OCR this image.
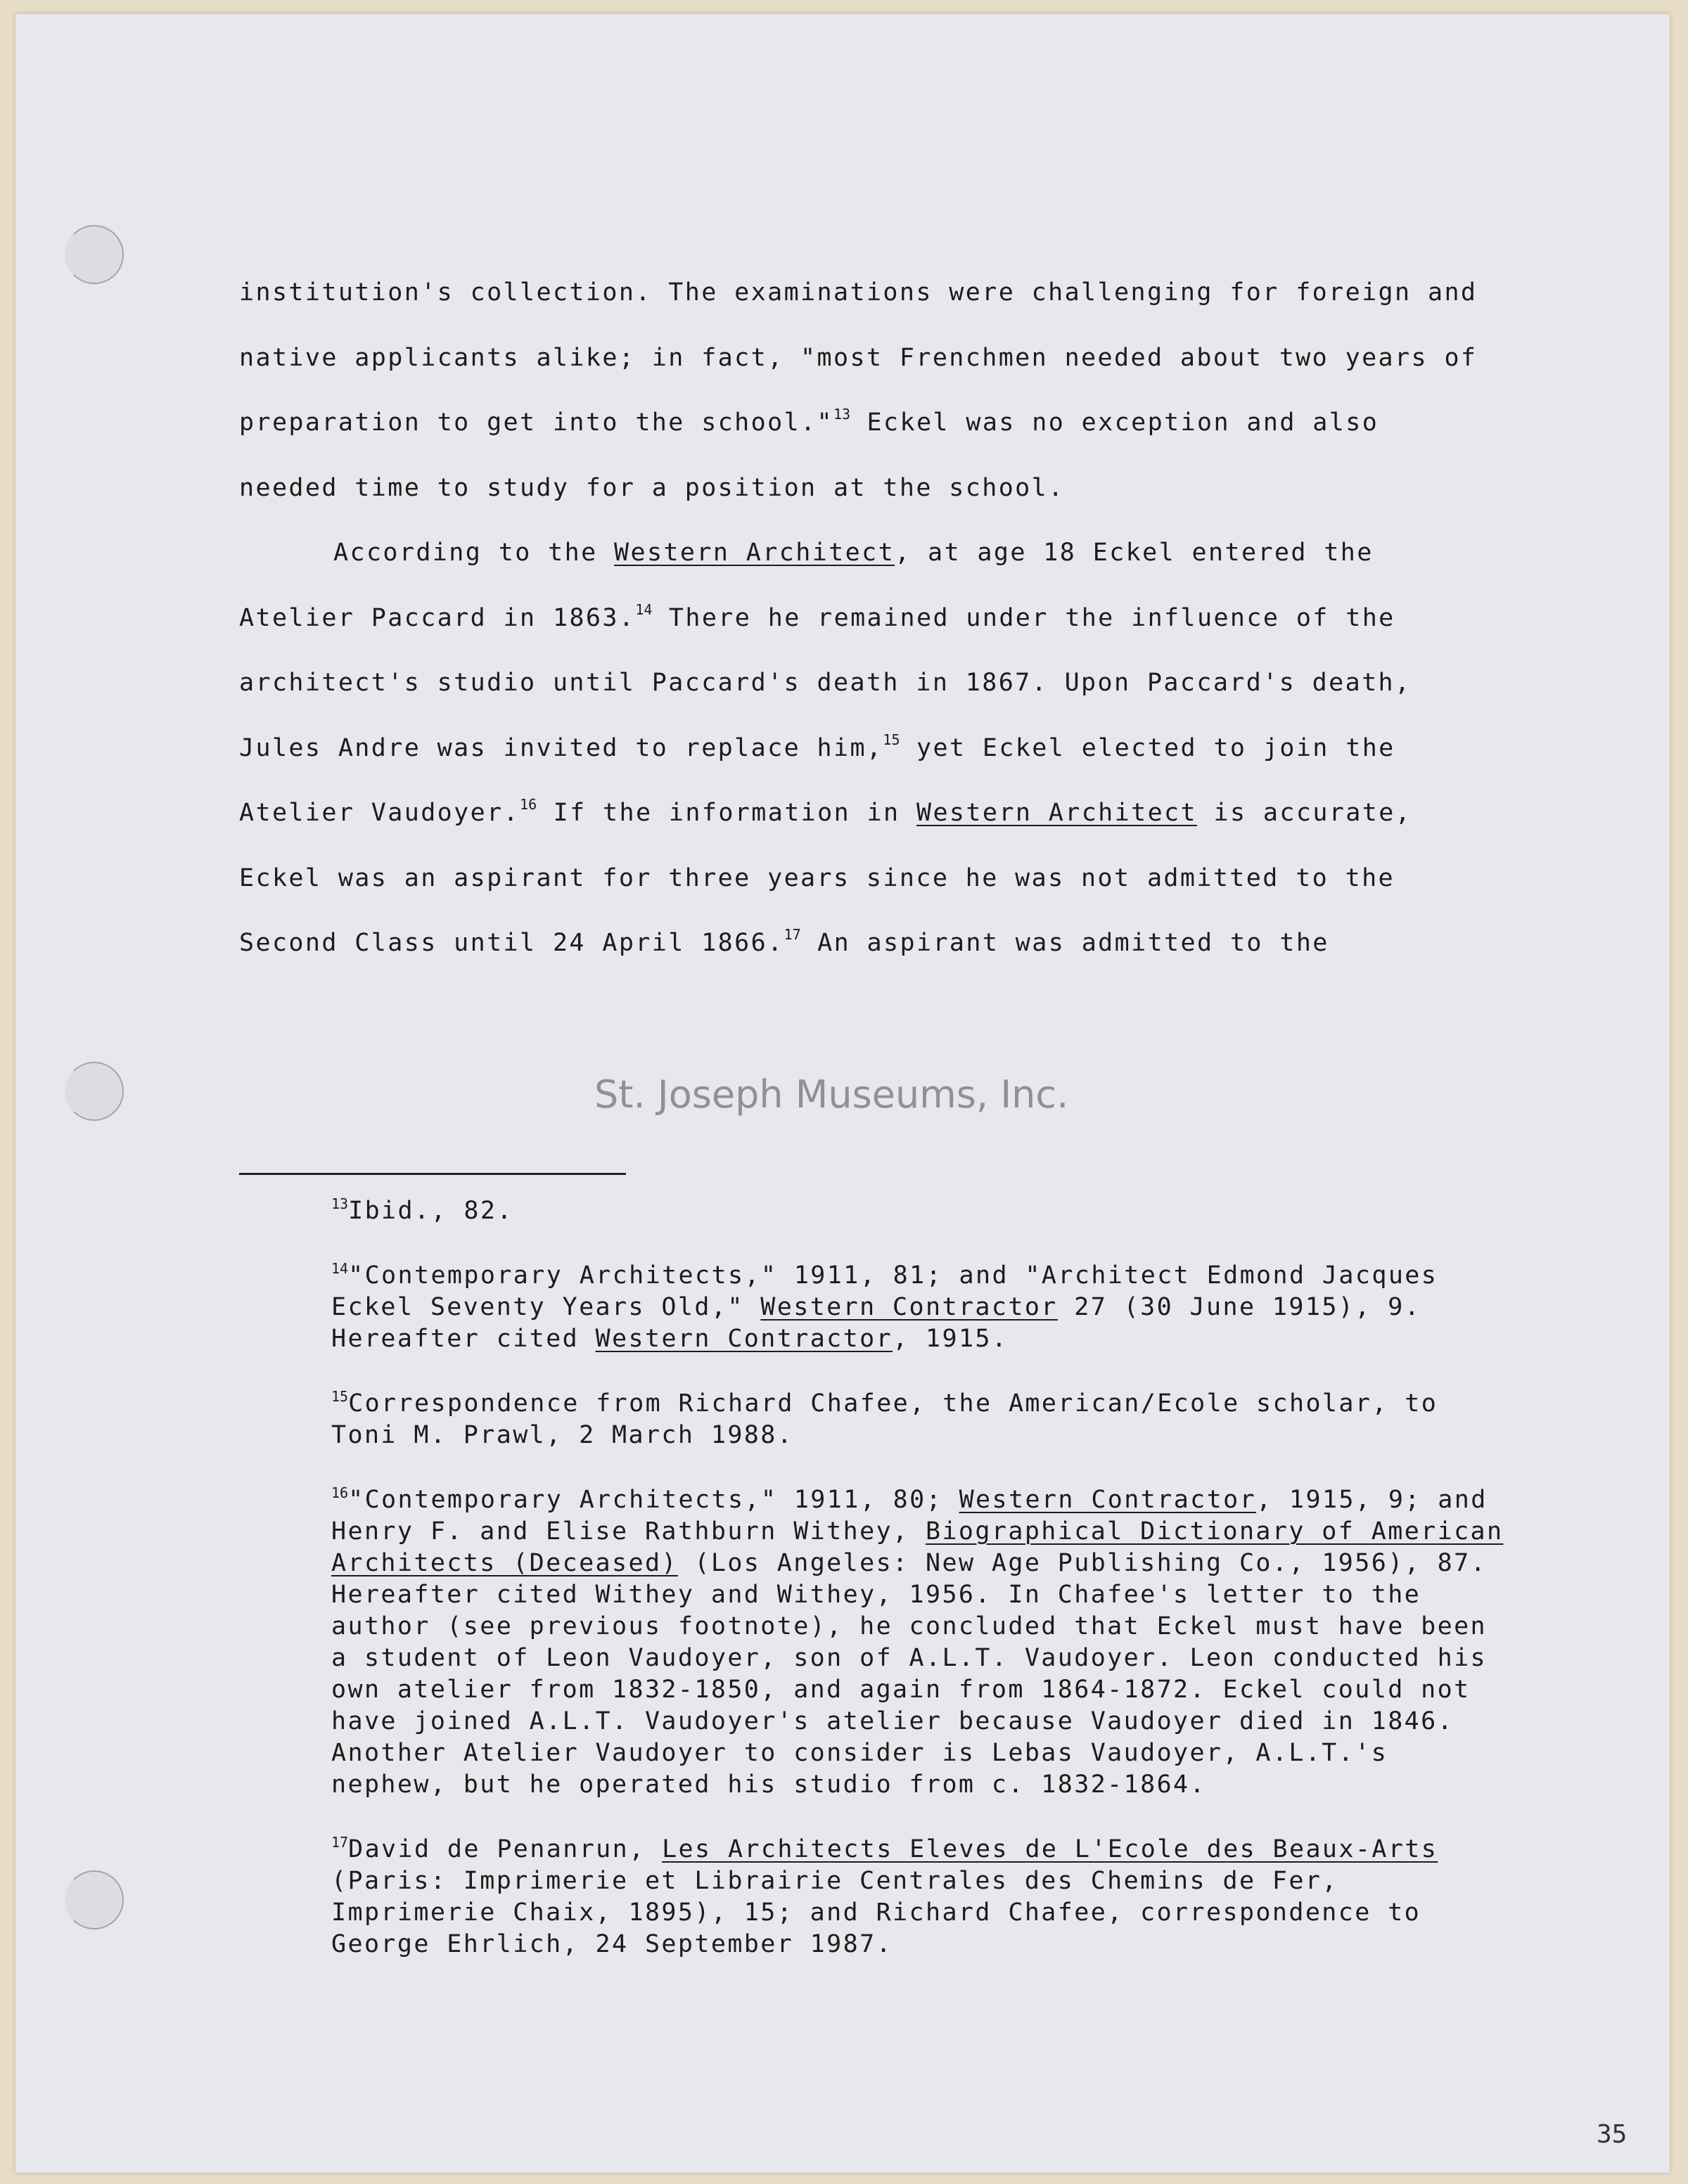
institution's collection. The examinations were challenging for foreign and native applicants alike; in fact, "most Frenchmen needed about two years of preparation to get into the school."$^{13}$ Eckel was no exception and also needed time to study for a position at the school.

According to the Western Architect, at age 18 Eckel entered the Atelier Paccard in 1863.14 There he remained under the influence of the architect's studio until Paccard's death in 1867. Upon Paccard's death, Jules Andre was invited to replace him,$^{15}$ yet Eckel elected to join the Atelier Vaudoyer.$^{16}$ If the information in Western Architect is accurate, Eckel was an aspirant for three years since he was not admitted to the Second Class until 24 April 1866.17 An aspirant was admitted to the

St. Joseph Museums, Inc.
$^{13}$Ibid., 82.
$^{14}$"Contemporary Architects," 1911, 81; and "Architect Edmond Jacques Eckel Seventy Years Old," Western Contractor 27 (30 June 1915), 9. Hereafter cited Western Contractor, 1915.
$^{15}$Correspondence from Richard Chafee, the American/Ecole scholar, to Toni M. Prawl, 2 March 1988.
$^{16}$"Contemporary Architects," 1911, 80; Western Contractor, 1915, 9; and Henry F. and Elise Rathburn Withey, Biographical Dictionary of American Architects (Deceased) (Los Angeles: New Age Publishing Co., 1956), 87. Hereafter cited Withey and Withey, 1956. In Chafee's letter to the author (see previous footnote), he concluded that Eckel must have been a student of Leon Vaudoyer, son of A.L.T. Vaudoyer. Leon conducted his own atelier from 1832-1850, and again from 1864-1872. Eckel could not have joined A.L.T. Vaudoyer's atelier because Vaudoyer died in 1846. Another Atelier Vaudoyer to consider is Lebas Vaudoyer, A.L.T.'s nephew, but he operated his studio from c. 1832-1864.
$^{17}$David de Penanrun, Les Architects Eleves de L'Ecole des Beaux-Arts (Paris: Imprimerie et Librairie Centrales des Chemins de Fer, Imprimerie Chaix, 1895), 15; and Richard Chafee, correspondence to George Ehrlich, 24 September 1987.
35
